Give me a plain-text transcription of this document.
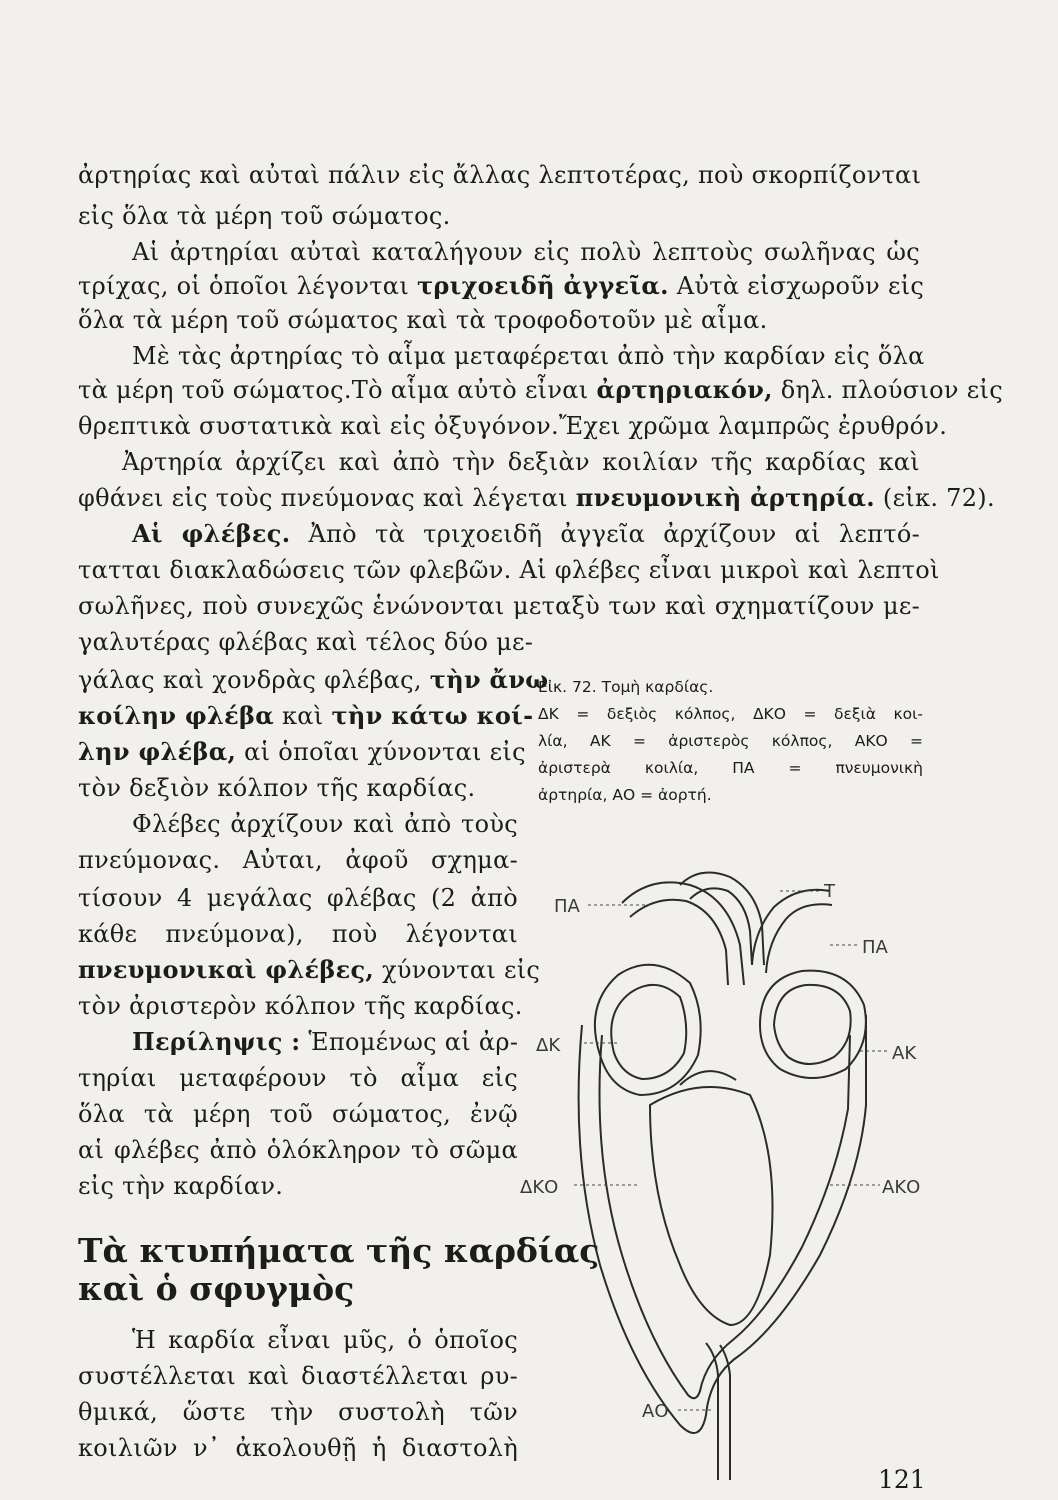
ἀρτηρίας καὶ αὐταὶ πάλιν εἰς ἄλλας λεπτοτέρας, ποὺ σκορπίζονται
εἰς ὅλα τὰ μέρη τοῦ σώματος.
Αἱ ἀρτηρίαι αὐταὶ καταλήγουν εἰς πολὺ λεπτοὺς σωλῆνας ὡς
τρίχας, οἱ ὁποῖοι λέγονται τριχοειδῆ ἀγγεῖα. Αὐτὰ εἰσχωροῦν εἰς
ὅλα τὰ μέρη τοῦ σώματος καὶ τὰ τροφοδοτοῦν μὲ αἷμα.
Μὲ τὰς ἀρτηρίας τὸ αἷμα μεταφέρεται ἀπὸ τὴν καρδίαν εἰς ὅλα
τὰ μέρη τοῦ σώματος.Τὸ αἷμα αὐτὸ εἶναι ἀρτηριακόν, δηλ. πλούσιον εἰς
θρεπτικὰ συστατικὰ καὶ εἰς ὀξυγόνον.Ἔχει χρῶμα λαμπρῶς ἐρυθρόν.
Ἀρτηρία ἀρχίζει καὶ ἀπὸ τὴν δεξιὰν κοιλίαν τῆς καρδίας καὶ
φθάνει εἰς τοὺς πνεύμονας καὶ λέγεται πνευμονικὴ ἀρτηρία. (εἰκ. 72).
Αἱ φλέβες. Ἀπὸ τὰ τριχοειδῆ ἀγγεῖα ἀρχίζουν αἱ λεπτό-
τατται διακλαδώσεις τῶν φλεβῶν. Αἱ φλέβες εἶναι μικροὶ καὶ λεπτοὶ
σωλῆνες, ποὺ συνεχῶς ἑνώνονται μεταξὺ των καὶ σχηματίζουν με-
γαλυτέρας φλέβας καὶ τέλος δύο με-
γάλας καὶ χονδρὰς φλέβας, τὴν ἄνω
κοίλην φλέβα καὶ τὴν κάτω κοί-
λην φλέβα, αἱ ὁποῖαι χύνονται εἰς
τὸν δεξιὸν κόλπον τῆς καρδίας.
Φλέβες ἀρχίζουν καὶ ἀπὸ τοὺς
πνεύμονας. Αὐται, ἀφοῦ σχημα-
τίσουν 4 μεγάλας φλέβας (2 ἀπὸ
κάθε πνεύμονα), ποὺ λέγονται
πνευμονικαὶ φλέβες, χύνονται εἰς
τὸν ἀριστερὸν κόλπον τῆς καρδίας.
Περίληψις : Ἑπομένως αἱ ἀρ-
τηρίαι μεταφέρουν τὸ αἷμα εἰς
ὅλα τὰ μέρη τοῦ σώματος, ἐνῷ
αἱ φλέβες ἀπὸ ὁλόκληρον τὸ σῶμα
εἰς τὴν καρδίαν.
Τὰ κτυπήματα τῆς καρδίας
καὶ ὁ σφυγμὸς
Ἡ καρδία εἶναι μῦς, ὁ ὁποῖος
συστέλλεται καὶ διαστέλλεται ρυ-
θμικά, ὥστε τὴν συστολὴ τῶν
κοιλιῶν ν᾽ ἀκολουθῇ ἡ διαστολὴ
Εἰκ. 72. Τομὴ καρδίας.
ΔΚ = δεξιὸς κόλπος, ΔΚΟ = δεξιὰ κοι-
λία, ΑΚ = ἀριστερὸς κόλπος, ΑΚΟ =
ἀριστερὰ κοιλία, ΠΑ = πνευμονικὴ
ἀρτηρία, ΑΟ = ἀορτή.
ΠΑ
Τ
ΠΑ
ΔΚ	ΑΚ
ΔΚΟ	ΑΚΟ
ΑΟ
121
